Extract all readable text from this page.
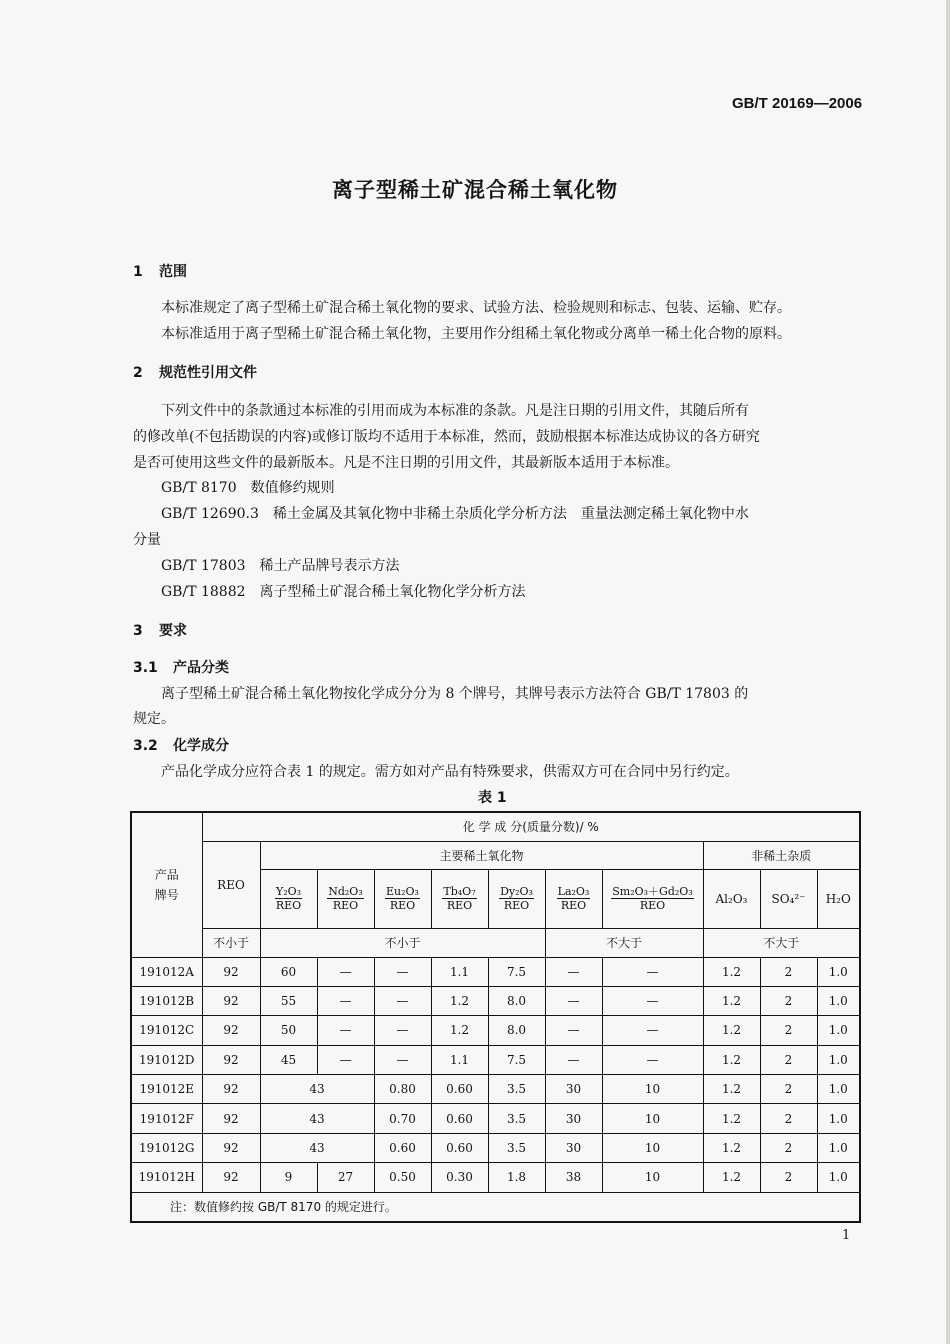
GB/T 20169—2006
离子型稀土矿混合稀土氧化物
1 范围
本标准规定了离子型稀土矿混合稀土氧化物的要求、试验方法、检验规则和标志、包装、运输、贮存。
本标准适用于离子型稀土矿混合稀土氧化物，主要用作分组稀土氧化物或分离单一稀土化合物的原料。
2 规范性引用文件
下列文件中的条款通过本标准的引用而成为本标准的条款。凡是注日期的引用文件，其随后所有
的修改单(不包括勘误的内容)或修订版均不适用于本标准，然而，鼓励根据本标准达成协议的各方研究
是否可使用这些文件的最新版本。凡是不注日期的引用文件，其最新版本适用于本标准。
GB/T 8170　 数值修约规则
GB/T 12690.3　 稀土金属及其氧化物中非稀土杂质化学分析方法　重量法测定稀土氧化物中水
分量
GB/T 17803　 稀土产品牌号表示方法
GB/T 18882　 离子型稀土矿混合稀土氧化物化学分析方法
3 要求
3.1 产品分类
离子型稀土矿混合稀土氧化物按化学成分分为 8 个牌号，其牌号表示方法符合 GB/T 17803 的
规定。
3.2 化学成分
产品化学成分应符合表 1 的规定。需方如对产品有特殊要求，供需双方可在合同中另行约定。
表 1
产品
牌号	化 学 成 分(质量分数)/ %										
	REO	主要稀土氧化物							非稀土杂质		

		$\frac{\text{Y₂O₃}}{\text{REO}}$	$\frac{\text{Nd₂O₃}}{\text{REO}}$	$\frac{\text{Eu₂O₃}}{\text{REO}}$	$\frac{\text{Tb₄O₇}}{\text{REO}}$	$\frac{\text{Dy₂O₃}}{\text{REO}}$	$\frac{\text{La₂O₃}}{\text{REO}}$	$\frac{\text{Sm₂O₃＋Gd₂O₃}}{\text{REO}}$	Al₂O₃	SO₄²⁻	H₂O
	不小于	不小于					不大于		不大于		
191012A	92	60	—	—	1.1	7.5	—	—	1.2	2	1.0
191012B	92	55	—	—	1.2	8.0	—	—	1.2	2	1.0
191012C	92	50	—	—	1.2	8.0	—	—	1.2	2	1.0
191012D	92	45	—	—	1.1	7.5	—	—	1.2	2	1.0
191012E	92	43		0.80	0.60	3.5	30	10	1.2	2	1.0
191012F	92	43		0.70	0.60	3.5	30	10	1.2	2	1.0
191012G	92	43		0.60	0.60	3.5	30	10	1.2	2	1.0
191012H	92	9	27	0.50	0.30	1.8	38	10	1.2	2	1.0
注：数值修约按 GB/T 8170 的规定进行。											
1
